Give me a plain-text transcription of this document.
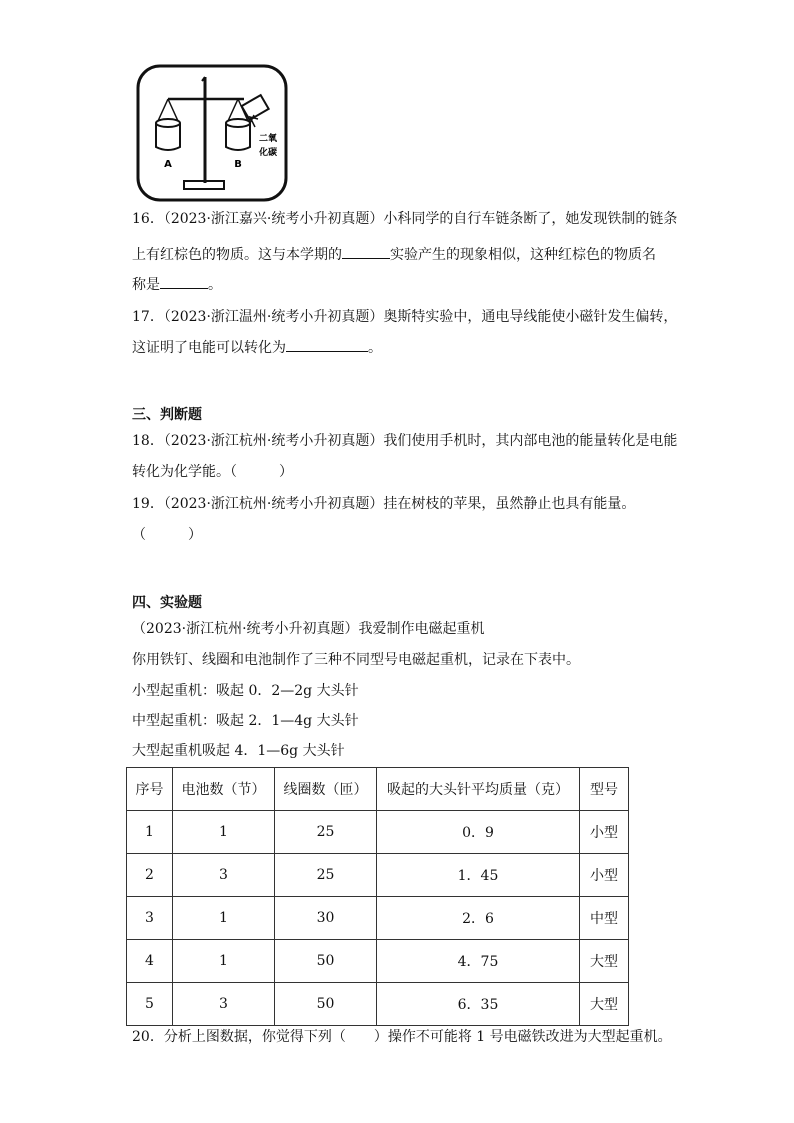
A	B
二氧
化碳
16．（2023·浙江嘉兴·统考小升初真题）小科同学的自行车链条断了，她发现铁制的链条
上有红棕色的物质。这与本学期的	实验产生的现象相似，这种红棕色的物质名
称是	。
17．（2023·浙江温州·统考小升初真题）奥斯特实验中，通电导线能使小磁针发生偏转，
这证明了电能可以转化为	。
三、判断题
18．（2023·浙江杭州·统考小升初真题）我们使用手机时，其内部电池的能量转化是电能
转化为化学能。（　　　）
19．（2023·浙江杭州·统考小升初真题）挂在树枝的苹果，虽然静止也具有能量。
（　　　）
四、实验题
（2023·浙江杭州·统考小升初真题）我爱制作电磁起重机
你用铁钉、线圈和电池制作了三种不同型号电磁起重机，记录在下表中。
小型起重机：吸起 0．2—2g 大头针
中型起重机：吸起 2．1—4g 大头针
大型起重机吸起 4．1—6g 大头针
序号	电池数（节）	线圈数（匝）	吸起的大头针平均质量（克）	型号
1	1	25	0．9	小型
2	3	25	1．45	小型
3	1	30	2．6	中型
4	1	50	4．75	大型
5	3	50	6．35	大型
20．分析上图数据，你觉得下列（　　）操作不可能将 1 号电磁铁改进为大型起重机。
